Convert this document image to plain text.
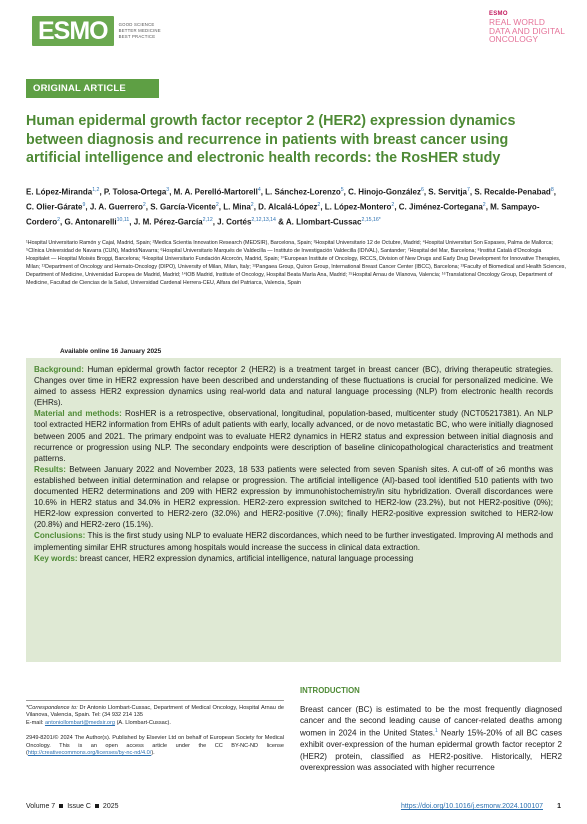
ESMO	GOOD SCIENCE
BETTER MEDICINE
BEST PRACTICE
ESMO
REAL WORLD
DATA AND DIGITAL
ONCOLOGY
ORIGINAL ARTICLE
Human epidermal growth factor receptor 2 (HER2) expression dynamics between diagnosis and recurrence in patients with breast cancer using artificial intelligence and electronic health records: the RosHER study
E. López-Miranda$^{1,2}$, P. Tolosa-Ortega$^3$, M. A. Perelló-Martorell$^4$, L. Sánchez-Lorenzo$^5$, C. Hinojo-González$^6$, S. Servitja$^7$, S. Recalde-Penabad$^8$, C. Olier-Gárate$^9$, J. A. Guerrero$^2$, S. García-Vicente$^2$, L. Mina$^2$, D. Alcalá-López$^2$, L. López-Montero$^2$, C. Jiménez-Cortegana$^2$, M. Sampayo-Cordero$^2$, G. Antonarelli$^{10,11}$, J. M. Pérez-García$^{2,12}$, J. Cortés$^{2,12,13,14}$ & A. Llombart-Cussac$^{2,15,16*}$
¹Hospital Universitario Ramón y Cajal, Madrid, Spain; ²Medica Scientia Innovation Research (MEDSIR), Barcelona, Spain; ³Hospital Universitario 12 de Octubre, Madrid; ⁴Hospital Universitari Son Espases, Palma de Mallorca; ⁵Clínica Universidad de Navarra (CUN), Madrid/Navarra; ⁶Hospital Universitario Marqués de Valdecilla — Instituto de Investigación Valdecilla (IDIVAL), Santander; ⁷Hospital del Mar, Barcelona; ⁸Institut Català d'Oncologia Hospitalet — Hospital Moisès Broggi, Barcelona; ⁹Hospital Universitario Fundación Alcorcón, Madrid, Spain; ¹⁰European Institute of Oncology, IRCCS, Division of New Drugs and Early Drug Development for Innovative Therapies, Milan; ¹¹Department of Oncology and Hemato-Oncology (DIPO), University of Milan, Milan, Italy; ¹²Pangaea Group, Quiron Group, International Breast Cancer Center (IBCC), Barcelona; ¹³Faculty of Biomedical and Health Sciences, Department of Medicine, Universidad Europea de Madrid, Madrid; ¹⁴IOB Madrid, Institute of Oncology, Hospital Beata María Ana, Madrid; ¹⁵Hospital Arnau de Vilanova, Valencia; ¹⁶Translational Oncology Group, Department of Medicine, Facultad de Ciencias de la Salud, Universidad Cardenal Herrera-CEU, Alfara del Patriarca, Valencia, Spain
Available online 16 January 2025

Background: Human epidermal growth factor receptor 2 (HER2) is a treatment target in breast cancer (BC), driving therapeutic strategies. Changes over time in HER2 expression have been described and understanding of these fluctuations is crucial for personalized medicine. We aimed to assess HER2 expression dynamics using real-world data and natural language processing (NLP) from electronic health records (EHRs).

Material and methods: RosHER is a retrospective, observational, longitudinal, population-based, multicenter study (NCT05217381). An NLP tool extracted HER2 information from EHRs of adult patients with early, locally advanced, or de novo metastatic BC, who were initially diagnosed between 2005 and 2021. The primary endpoint was to evaluate HER2 dynamics in HER2 status and expression between initial diagnosis and recurrence or progression using NLP. The secondary endpoints were description of baseline clinicopathological characteristics and treatment patterns.

Results: Between January 2022 and November 2023, 18 533 patients were selected from seven Spanish sites. A cut-off of ≥6 months was established between initial determination and relapse or progression. The artificial intelligence (AI)-based tool identified 510 patients with two documented HER2 determinations and 209 with HER2 expression by immunohistochemistry/in situ hybridization. Overall discordances were 10.6% in HER2 status and 34.0% in HER2 expression. HER2-zero expression switched to HER2-low (23.2%), but not HER2-positive (0%); HER2-low expression converted to HER2-zero (32.0%) and HER2-positive (7.0%); finally HER2-positive expression switched to HER2-low (20.8%) and HER2-zero (15.1%).

Conclusions: This is the first study using NLP to evaluate HER2 discordances, which need to be further investigated. Improving AI methods and implementing similar EHR structures among hospitals would increase the success in clinical data extraction.

Key words: breast cancer, HER2 expression dynamics, artificial intelligence, natural language processing

*Correspondence to: Dr Antonio Llombart-Cussac, Department of Medical Oncology, Hospital Arnau de Vilanova, Valencia, Spain. Tel: (34 932 214 135
E-mail: antoniollombart@medsir.org (A. Llombart-Cussac).
2949-8201/© 2024 The Author(s). Published by Elsevier Ltd on behalf of European Society for Medical Oncology. This is an open access article under the CC BY-NC-ND license (http://creativecommons.org/licenses/by-nc-nd/4.0/).
INTRODUCTION
Breast cancer (BC) is estimated to be the most frequently diagnosed cancer and the second leading cause of cancer-related deaths among women in 2024 in the United States.$^1$ Nearly 15%-20% of all BC cases exhibit over-expression of the human epidermal growth factor receptor 2 (HER2) protein, classified as HER2-positive. Historically, HER2 overexpression was associated with higher recurrence
Volume 7 Issue C 2025	https://doi.org/10.1016/j.esmorw.2024.100107 1
